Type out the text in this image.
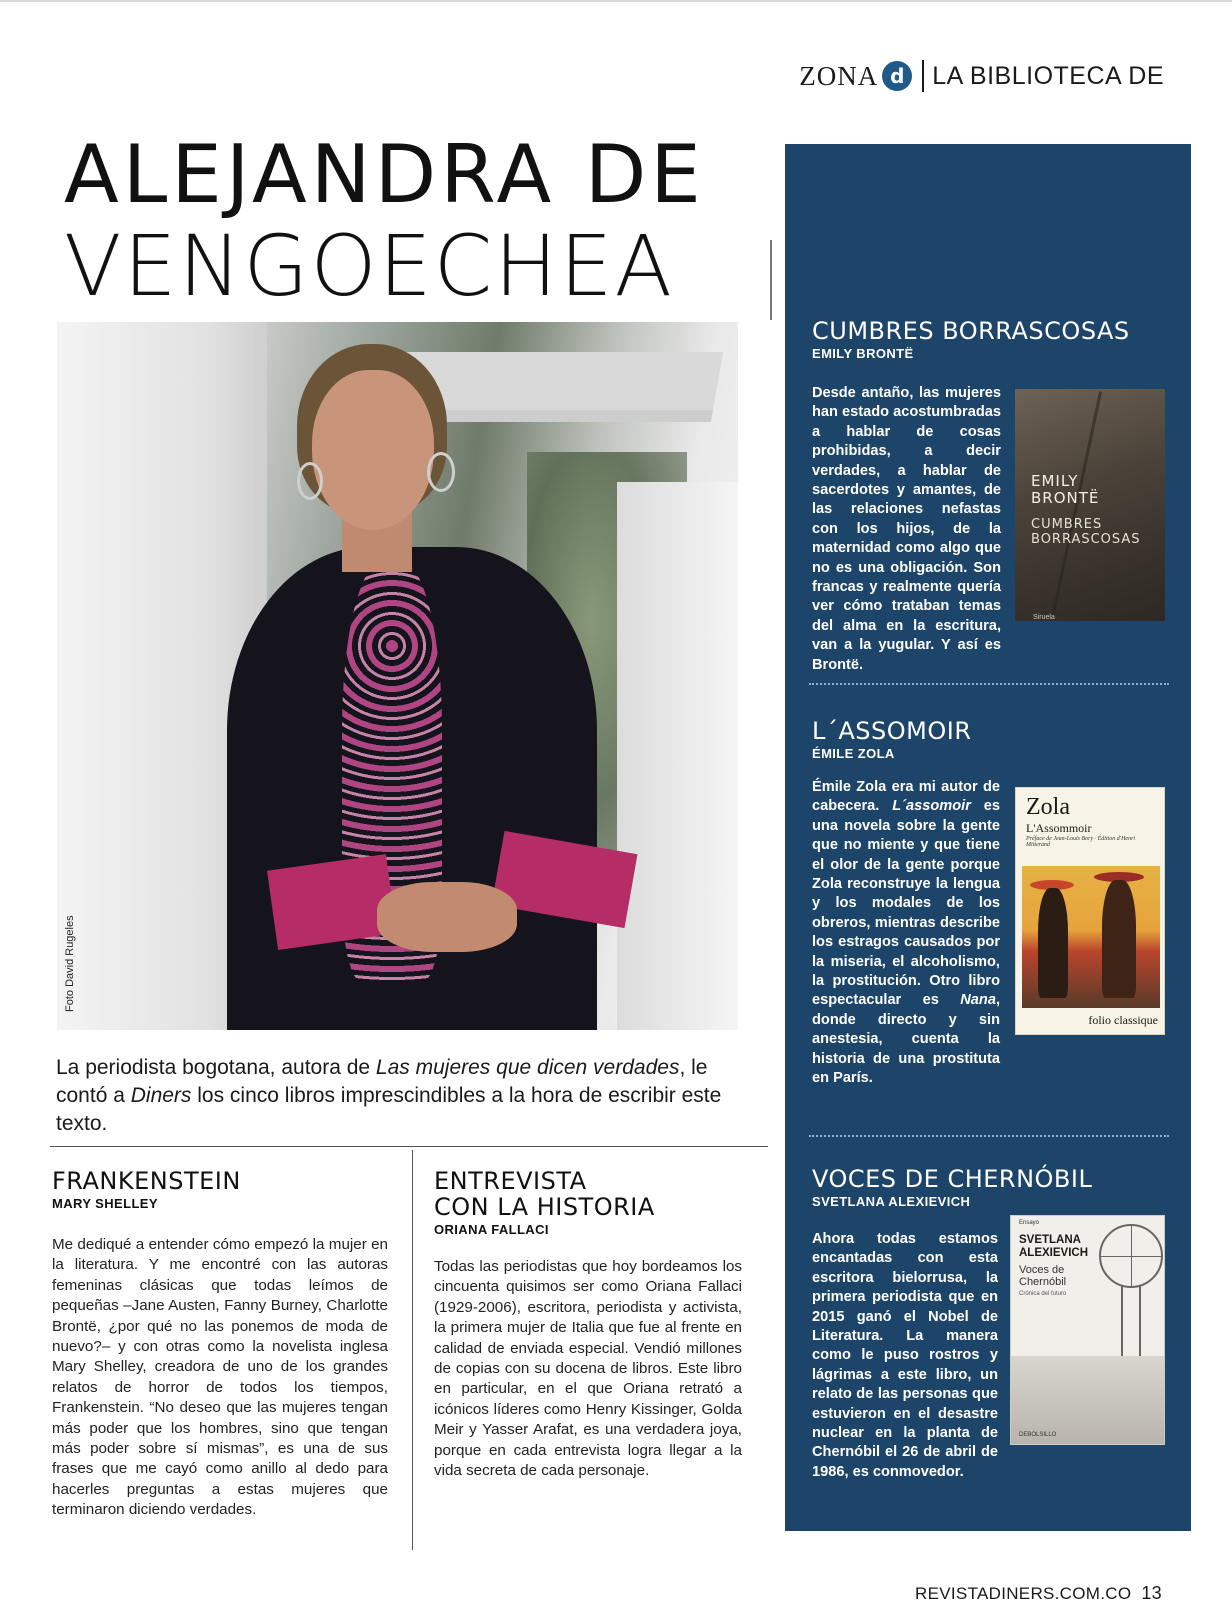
ZONA d	LA BIBLIOTECA DE
ALEJANDRA DE
VENGOECHEA
Foto David Rugeles

La periodista bogotana, autora de Las mujeres que dicen verdades, le contó a Diners los cinco libros imprescindibles a la hora de escribir este texto.

FRANKENSTEIN
MARY SHELLEY

Me dediqué a entender cómo empezó la mujer en la literatura. Y me encontré con las autoras femeninas clásicas que todas leímos de pequeñas –Jane Austen, Fanny Burney, Charlotte Brontë, ¿por qué no las ponemos de moda de nuevo?– y con otras como la novelista inglesa Mary Shelley, creadora de uno de los grandes relatos de horror de todos los tiempos, Frankenstein. “No deseo que las mujeres tengan más poder que los hombres, sino que tengan más poder sobre sí mismas”, es una de sus frases que me cayó como anillo al dedo para hacerles preguntas a estas mujeres que terminaron diciendo verdades.

ENTREVISTA
CON LA HISTORIA
ORIANA FALLACI

Todas las periodistas que hoy bordeamos los cincuenta quisimos ser como Oriana Fallaci (1929-2006), escritora, periodista y activista, la primera mujer de Italia que fue al frente en calidad de enviada especial. Vendió millones de copias con su docena de libros. Este libro en particular, en el que Oriana retrató a icónicos líderes como Henry Kissinger, Golda Meir y Yasser Arafat, es una verdadera joya, porque en cada entrevista logra llegar a la vida secreta de cada personaje.

CUMBRES BORRASCOSAS
EMILY BRONTË

Desde antaño, las mujeres han estado acostumbradas a hablar de cosas prohibidas, a decir verdades, a hablar de sacerdotes y amantes, de las relaciones nefastas con los hijos, de la maternidad como algo que no es una obligación. Son francas y realmente quería ver cómo trataban temas del alma en la escritura, van a la yugular. Y así es Brontë.

EMILY BRONTË
CUMBRES BORRASCOSAS
Siruela
L´ASSOMOIR
ÉMILE ZOLA

Émile Zola era mi autor de cabecera. L´assomoir es una novela sobre la gente que no miente y que tiene el olor de la gente porque Zola reconstruye la lengua y los modales de los obreros, mientras describe los estragos causados por la miseria, el alcoholismo, la prostitución. Otro libro espectacular es Nana, donde directo y sin anestesia, cuenta la historia de una prostituta en París.

Zola
L'Assommoir
Préface de Jean-Louis Bory · Édition d'Henri Mitterand
folio classique
VOCES DE CHERNÓBIL
SVETLANA ALEXIEVICH

Ahora todas estamos encantadas con esta escritora bielorrusa, la primera periodista que en 2015 ganó el Nobel de Literatura. La manera como le puso rostros y lágrimas a este libro, un relato de las personas que estuvieron en el desastre nuclear en la planta de Chernóbil el 26 de abril de 1986, es conmovedor.

Ensayo
SVETLANA ALEXIEVICH
Voces de Chernóbil
Crónica del futuro
DEBOLSILLO
REVISTADINERS.COM.CO 13
